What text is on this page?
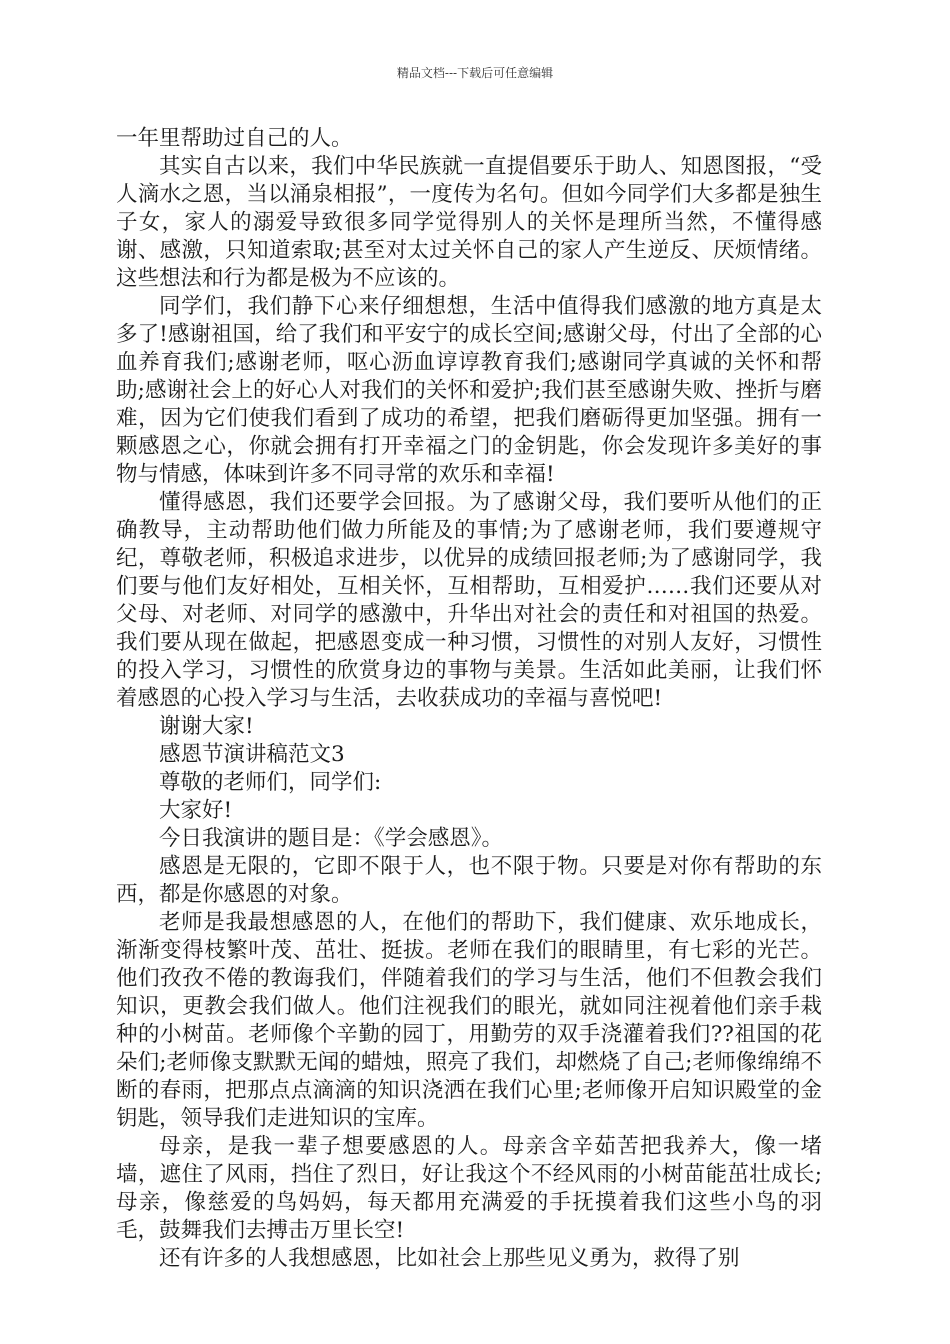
精品文档---下载后可任意编辑

一年里帮助过自己的人。

其实自古以来，我们中华民族就一直提倡要乐于助人、知恩图报，“受人滴水之恩，当以涌泉相报”，一度传为名句。但如今同学们大多都是独生子女，家人的溺爱导致很多同学觉得别人的关怀是理所当然，不懂得感谢、感激，只知道索取;甚至对太过关怀自己的家人产生逆反、厌烦情绪。这些想法和行为都是极为不应该的。

同学们，我们静下心来仔细想想，生活中值得我们感激的地方真是太多了!感谢祖国，给了我们和平安宁的成长空间;感谢父母，付出了全部的心血养育我们;感谢老师，呕心沥血谆谆教育我们;感谢同学真诚的关怀和帮助;感谢社会上的好心人对我们的关怀和爱护;我们甚至感谢失败、挫折与磨难，因为它们使我们看到了成功的希望，把我们磨砺得更加坚强。拥有一颗感恩之心，你就会拥有打开幸福之门的金钥匙，你会发现许多美好的事物与情感，体味到许多不同寻常的欢乐和幸福!

懂得感恩，我们还要学会回报。为了感谢父母，我们要听从他们的正确教导，主动帮助他们做力所能及的事情;为了感谢老师，我们要遵规守纪，尊敬老师，积极追求进步，以优异的成绩回报老师;为了感谢同学，我们要与他们友好相处，互相关怀，互相帮助，互相爱护……我们还要从对父母、对老师、对同学的感激中，升华出对社会的责任和对祖国的热爱。我们要从现在做起，把感恩变成一种习惯，习惯性的对别人友好，习惯性的投入学习，习惯性的欣赏身边的事物与美景。生活如此美丽，让我们怀着感恩的心投入学习与生活，去收获成功的幸福与喜悦吧!

谢谢大家!

感恩节演讲稿范文3

尊敬的老师们，同学们:

大家好!

今日我演讲的题目是：《学会感恩》。

感恩是无限的，它即不限于人，也不限于物。只要是对你有帮助的东西，都是你感恩的对象。

老师是我最想感恩的人，在他们的帮助下，我们健康、欢乐地成长，渐渐变得枝繁叶茂、茁壮、挺拔。老师在我们的眼睛里，有七彩的光芒。他们孜孜不倦的教诲我们，伴随着我们的学习与生活，他们不但教会我们知识，更教会我们做人。他们注视我们的眼光，就如同注视着他们亲手栽种的小树苗。老师像个辛勤的园丁，用勤劳的双手浇灌着我们??祖国的花朵们;老师像支默默无闻的蜡烛，照亮了我们，却燃烧了自己;老师像绵绵不断的春雨，把那点点滴滴的知识浇洒在我们心里;老师像开启知识殿堂的金钥匙，领导我们走进知识的宝库。

母亲，是我一辈子想要感恩的人。母亲含辛茹苦把我养大，像一堵墙，遮住了风雨，挡住了烈日，好让我这个不经风雨的小树苗能茁壮成长;母亲，像慈爱的鸟妈妈，每天都用充满爱的手抚摸着我们这些小鸟的羽毛，鼓舞我们去搏击万里长空!

还有许多的人我想感恩，比如社会上那些见义勇为，救得了别
